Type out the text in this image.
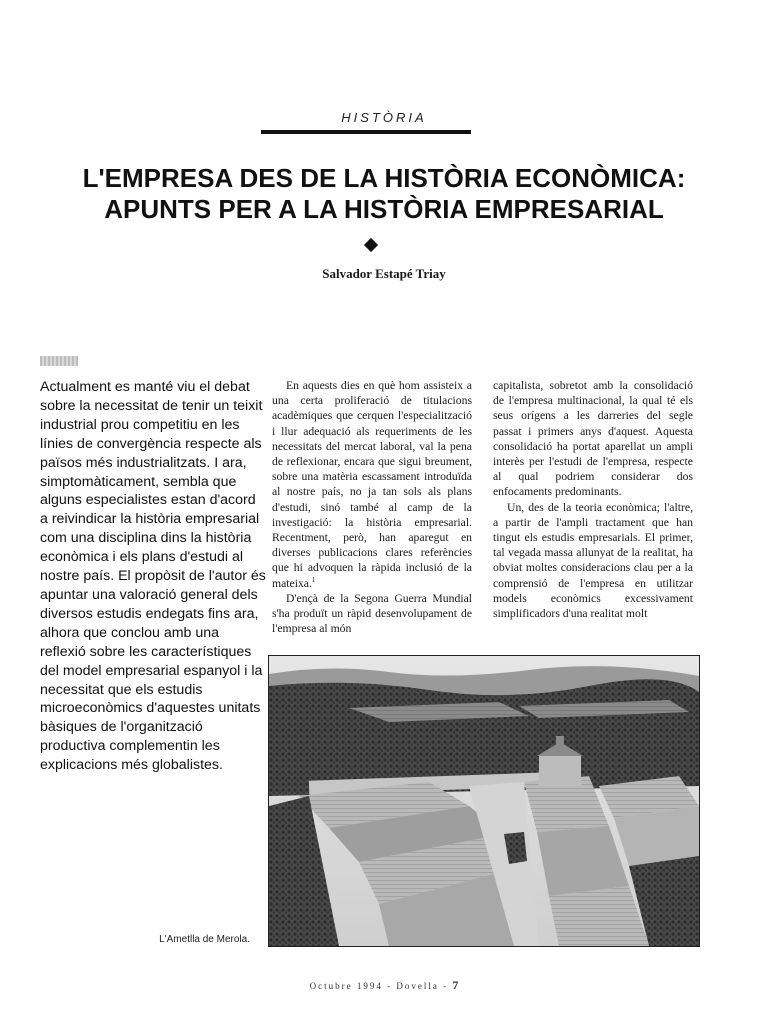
HISTÒRIA
L'EMPRESA DES DE LA HISTÒRIA ECONÒMICA:
APUNTS PER A LA HISTÒRIA EMPRESARIAL
Salvador Estapé Triay

Actualment es manté viu el debat sobre la necessitat de tenir un teixit industrial prou competitiu en les línies de convergència respecte als països més industrialitzats. I ara, simptomàticament, sembla que alguns especialistes estan d'acord a reivindicar la història empresarial com una disciplina dins la història econòmica i els plans d'estudi al nostre país. El propòsit de l'autor és apuntar una valoració general dels diversos estudis endegats fins ara, alhora que conclou amb una reflexió sobre les característiques del model empresarial espanyol i la necessitat que els estudis microeconòmics d'aquestes unitats bàsiques de l'organització productiva complementin les explicacions més globalistes.

En aquests dies en què hom assisteix a una certa proliferació de titulacions acadèmiques que cerquen l'especialització i llur adequació als requeriments de les necessitats del mercat laboral, val la pena de reflexionar, encara que sigui breument, sobre una matèria escassament introduïda al nostre país, no ja tan sols als plans d'estudi, sinó també al camp de la investigació: la història empresarial. Recentment, però, han aparegut en diverses publicacions clares referències que hi advoquen la ràpida inclusió de la mateixa.$^1$

D'ençà de la Segona Guerra Mundial s'ha produït un ràpid desenvolupament de l'empresa al món

capitalista, sobretot amb la consolidació de l'empresa multinacional, la qual té els seus orígens a les darreries del segle passat i primers anys d'aquest. Aquesta consolidació ha portat aparellat un ampli interès per l'estudi de l'empresa, respecte al qual podriem considerar dos enfocaments predominants.

Un, des de la teoria econòmica; l'altre, a partir de l'ampli tractament que han tingut els estudis empresarials. El primer, tal vegada massa allunyat de la realitat, ha obviat moltes consideracions clau per a la comprensió de l'empresa en utilitzar models econòmics excessivament simplificadors d'una realitat molt

L'Ametlla de Merola.
Octubre 1994 - Dovella - 7
